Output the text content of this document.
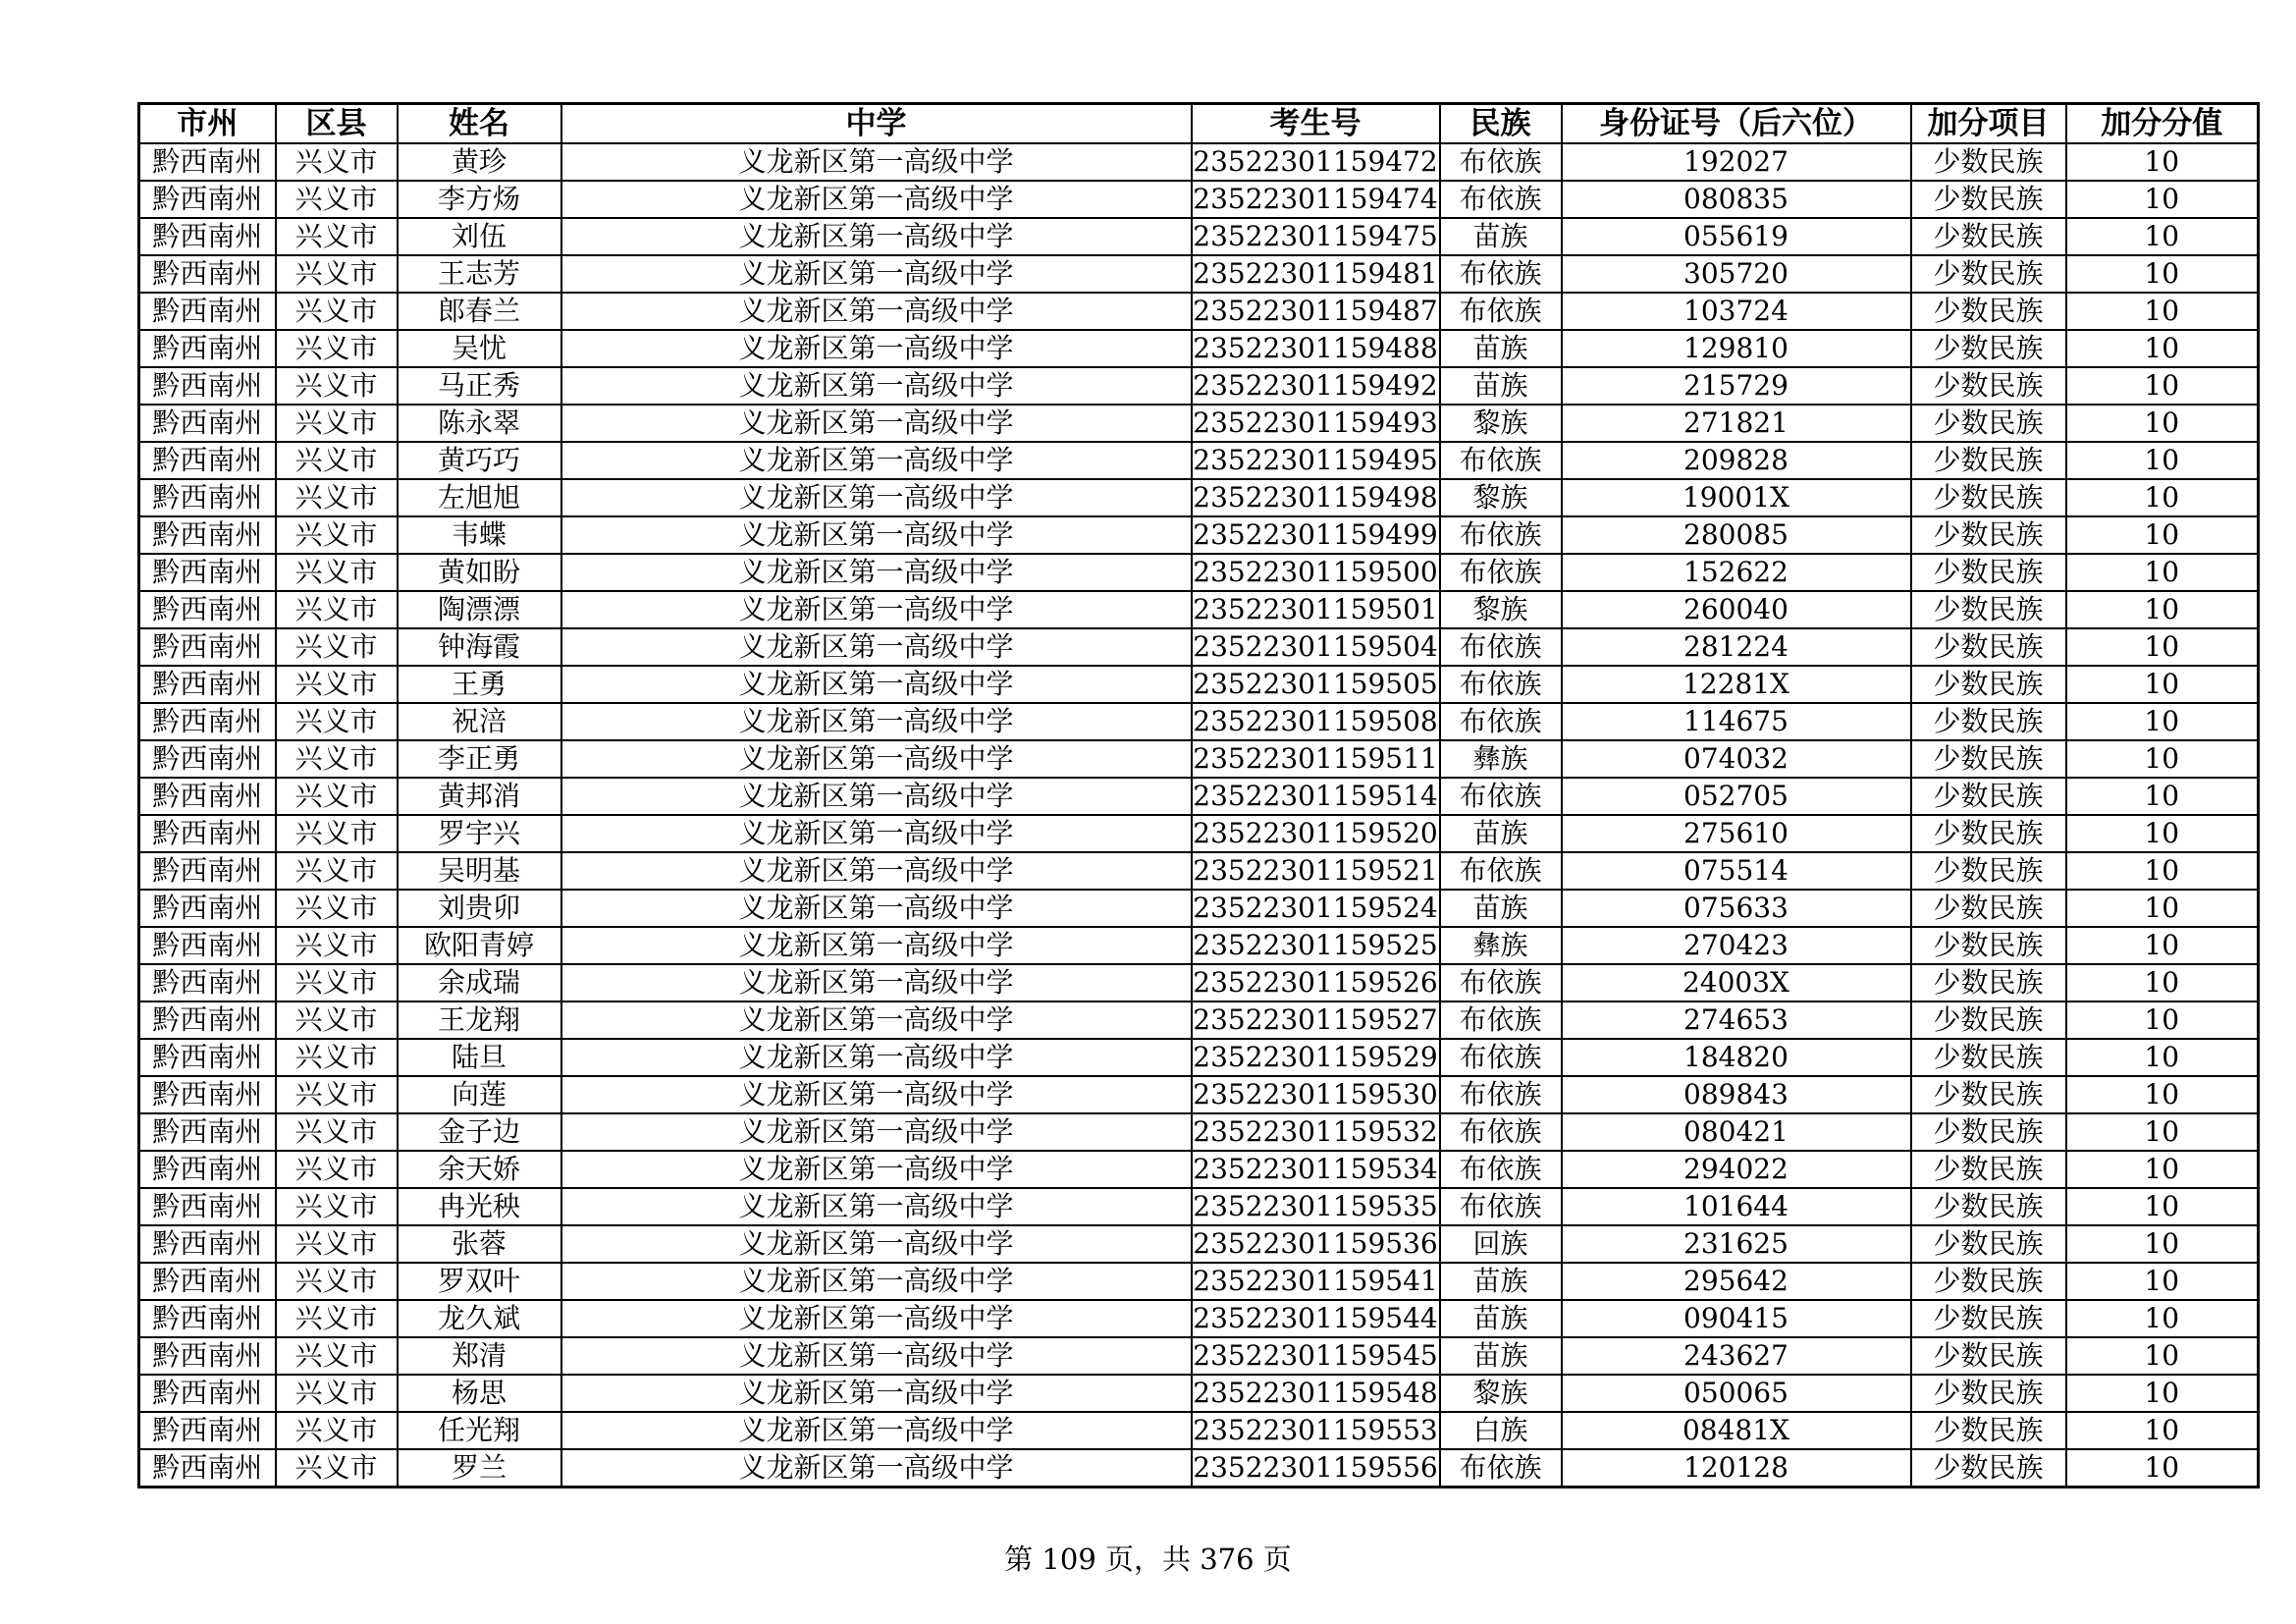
市州	区县	姓名	中学	考生号	民族	身份证号（后六位）	加分项目	加分分值
黔西南州	兴义市	黄珍	义龙新区第一高级中学	23522301159472	布依族	192027	少数民族	10
黔西南州	兴义市	李方炀	义龙新区第一高级中学	23522301159474	布依族	080835	少数民族	10
黔西南州	兴义市	刘伍	义龙新区第一高级中学	23522301159475	苗族	055619	少数民族	10
黔西南州	兴义市	王志芳	义龙新区第一高级中学	23522301159481	布依族	305720	少数民族	10
黔西南州	兴义市	郎春兰	义龙新区第一高级中学	23522301159487	布依族	103724	少数民族	10
黔西南州	兴义市	吴忧	义龙新区第一高级中学	23522301159488	苗族	129810	少数民族	10
黔西南州	兴义市	马正秀	义龙新区第一高级中学	23522301159492	苗族	215729	少数民族	10
黔西南州	兴义市	陈永翠	义龙新区第一高级中学	23522301159493	黎族	271821	少数民族	10
黔西南州	兴义市	黄巧巧	义龙新区第一高级中学	23522301159495	布依族	209828	少数民族	10
黔西南州	兴义市	左旭旭	义龙新区第一高级中学	23522301159498	黎族	19001X	少数民族	10
黔西南州	兴义市	韦蝶	义龙新区第一高级中学	23522301159499	布依族	280085	少数民族	10
黔西南州	兴义市	黄如盼	义龙新区第一高级中学	23522301159500	布依族	152622	少数民族	10
黔西南州	兴义市	陶漂漂	义龙新区第一高级中学	23522301159501	黎族	260040	少数民族	10
黔西南州	兴义市	钟海霞	义龙新区第一高级中学	23522301159504	布依族	281224	少数民族	10
黔西南州	兴义市	王勇	义龙新区第一高级中学	23522301159505	布依族	12281X	少数民族	10
黔西南州	兴义市	祝涪	义龙新区第一高级中学	23522301159508	布依族	114675	少数民族	10
黔西南州	兴义市	李正勇	义龙新区第一高级中学	23522301159511	彝族	074032	少数民族	10
黔西南州	兴义市	黄邦消	义龙新区第一高级中学	23522301159514	布依族	052705	少数民族	10
黔西南州	兴义市	罗宇兴	义龙新区第一高级中学	23522301159520	苗族	275610	少数民族	10
黔西南州	兴义市	吴明基	义龙新区第一高级中学	23522301159521	布依族	075514	少数民族	10
黔西南州	兴义市	刘贵卯	义龙新区第一高级中学	23522301159524	苗族	075633	少数民族	10
黔西南州	兴义市	欧阳青婷	义龙新区第一高级中学	23522301159525	彝族	270423	少数民族	10
黔西南州	兴义市	余成瑞	义龙新区第一高级中学	23522301159526	布依族	24003X	少数民族	10
黔西南州	兴义市	王龙翔	义龙新区第一高级中学	23522301159527	布依族	274653	少数民族	10
黔西南州	兴义市	陆旦	义龙新区第一高级中学	23522301159529	布依族	184820	少数民族	10
黔西南州	兴义市	向莲	义龙新区第一高级中学	23522301159530	布依族	089843	少数民族	10
黔西南州	兴义市	金子边	义龙新区第一高级中学	23522301159532	布依族	080421	少数民族	10
黔西南州	兴义市	余天娇	义龙新区第一高级中学	23522301159534	布依族	294022	少数民族	10
黔西南州	兴义市	冉光秧	义龙新区第一高级中学	23522301159535	布依族	101644	少数民族	10
黔西南州	兴义市	张蓉	义龙新区第一高级中学	23522301159536	回族	231625	少数民族	10
黔西南州	兴义市	罗双叶	义龙新区第一高级中学	23522301159541	苗族	295642	少数民族	10
黔西南州	兴义市	龙久斌	义龙新区第一高级中学	23522301159544	苗族	090415	少数民族	10
黔西南州	兴义市	郑清	义龙新区第一高级中学	23522301159545	苗族	243627	少数民族	10
黔西南州	兴义市	杨思	义龙新区第一高级中学	23522301159548	黎族	050065	少数民族	10
黔西南州	兴义市	任光翔	义龙新区第一高级中学	23522301159553	白族	08481X	少数民族	10
黔西南州	兴义市	罗兰	义龙新区第一高级中学	23522301159556	布依族	120128	少数民族	10
第 109 页，共 376 页
